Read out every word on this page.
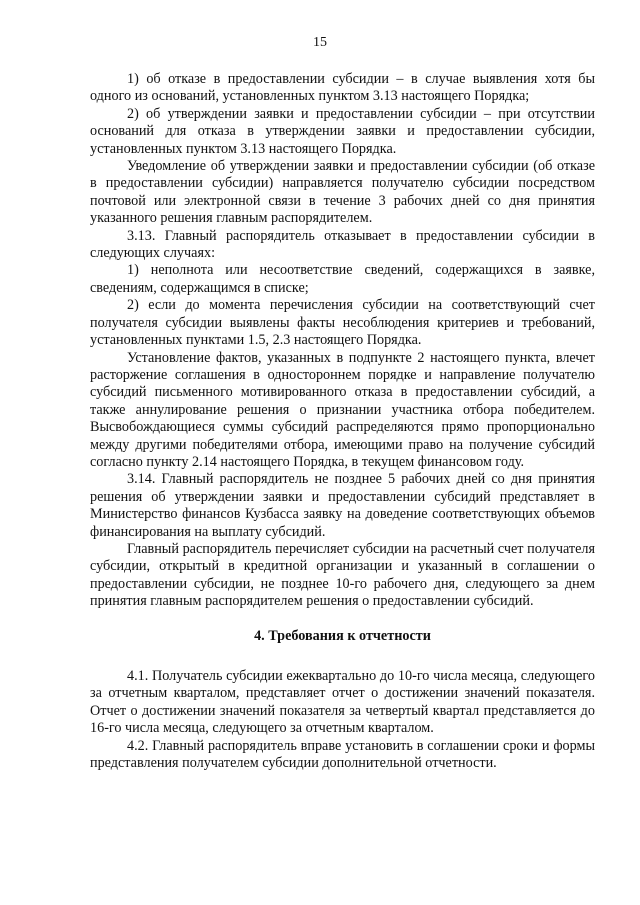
15

1) об отказе в предоставлении субсидии – в случае выявления хотя бы одного из оснований, установленных пунктом 3.13 настоящего Порядка;

2) об утверждении заявки и предоставлении субсидии – при отсутствии оснований для отказа в утверждении заявки и предоставлении субсидии, установленных пунктом 3.13 настоящего Порядка.

Уведомление об утверждении заявки и предоставлении субсидии (об отказе в предоставлении субсидии) направляется получателю субсидии посредством почтовой или электронной связи в течение 3 рабочих дней со дня принятия указанного решения главным распорядителем.

3.13. Главный распорядитель отказывает в предоставлении субсидии в следующих случаях:

1) неполнота или несоответствие сведений, содержащихся в заявке, сведениям, содержащимся в списке;

2) если до момента перечисления субсидии на соответствующий счет получателя субсидии выявлены факты несоблюдения критериев и требований, установленных пунктами 1.5, 2.3 настоящего Порядка.

Установление фактов, указанных в подпункте 2 настоящего пункта, влечет расторжение соглашения в одностороннем порядке и направление получателю субсидий письменного мотивированного отказа в предоставлении субсидий, а также аннулирование решения о признании участника отбора победителем. Высвобождающиеся суммы субсидий распределяются прямо пропорционально между другими победителями отбора, имеющими право на получение субсидий согласно пункту 2.14 настоящего Порядка, в текущем финансовом году.

3.14. Главный распорядитель не позднее 5 рабочих дней со дня принятия решения об утверждении заявки и предоставлении субсидий представляет в Министерство финансов Кузбасса заявку на доведение соответствующих объемов финансирования на выплату субсидий.

Главный распорядитель перечисляет субсидии на расчетный счет получателя субсидии, открытый в кредитной организации и указанный в соглашении о предоставлении субсидии, не позднее 10-го рабочего дня, следующего за днем принятия главным распорядителем решения о предоставлении субсидий.

4. Требования к отчетности

4.1. Получатель субсидии ежеквартально до 10-го числа месяца, следующего за отчетным кварталом, представляет отчет о достижении значений показателя. Отчет о достижении значений показателя за четвертый квартал представляется до 16-го числа месяца, следующего за отчетным кварталом.

4.2. Главный распорядитель вправе установить в соглашении сроки и формы представления получателем субсидии дополнительной отчетности.
